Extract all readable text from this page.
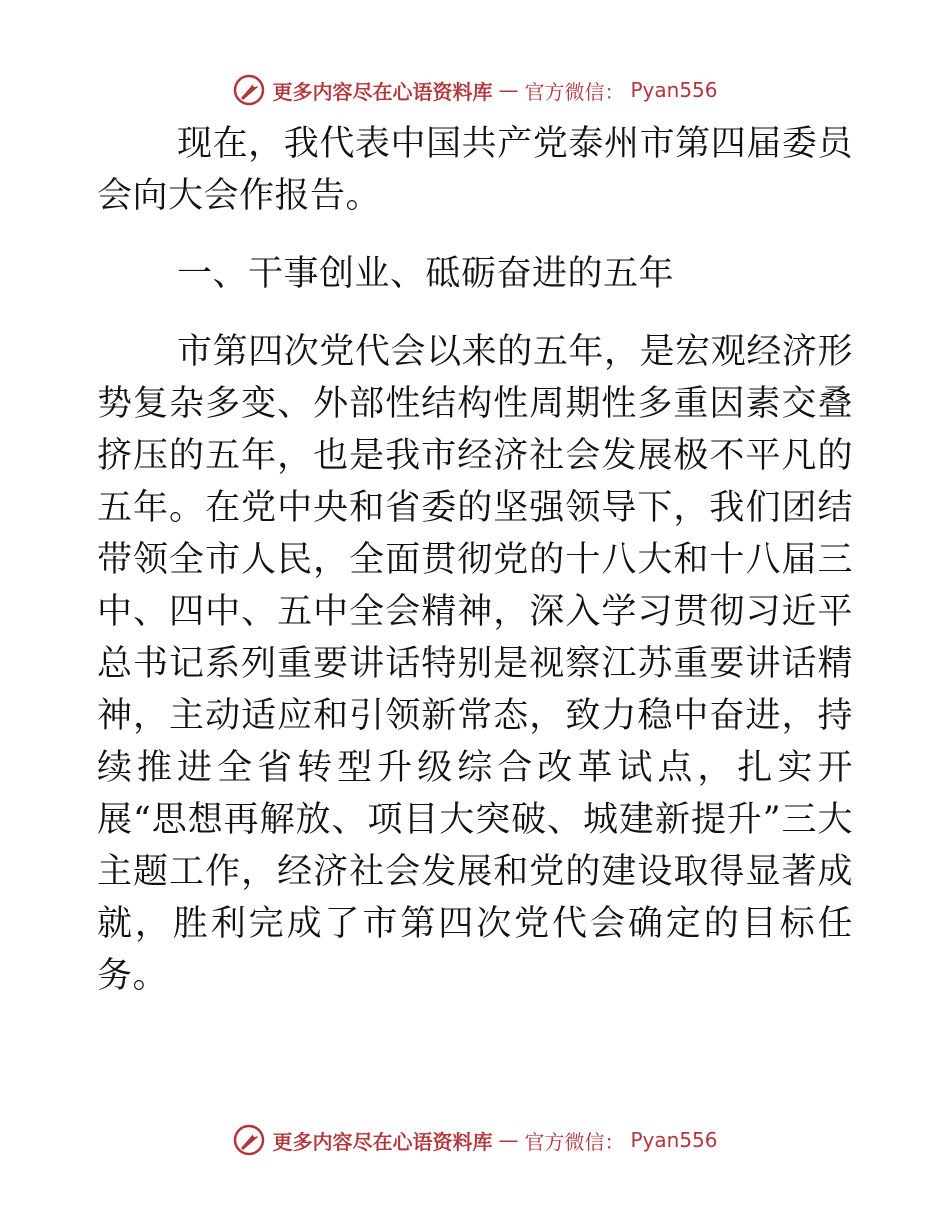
更多内容尽在心语资料库 — 官方微信： Pyan556

现在，我代表中国共产党泰州市第四届委员会向大会作报告。

一、干事创业、砥砺奋进的五年

市第四次党代会以来的五年，是宏观经济形势复杂多变、外部性结构性周期性多重因素交叠挤压的五年，也是我市经济社会发展极不平凡的五年。在党中央和省委的坚强领导下，我们团结带领全市人民，全面贯彻党的十八大和十八届三中、四中、五中全会精神，深入学习贯彻习近平总书记系列重要讲话特别是视察江苏重要讲话精神，主动适应和引领新常态，致力稳中奋进，持续推进全省转型升级综合改革试点，扎实开展“思想再解放、项目大突破、城建新提升”三大主题工作，经济社会发展和党的建设取得显著成就，胜利完成了市第四次党代会确定的目标任务。

更多内容尽在心语资料库 — 官方微信： Pyan556
